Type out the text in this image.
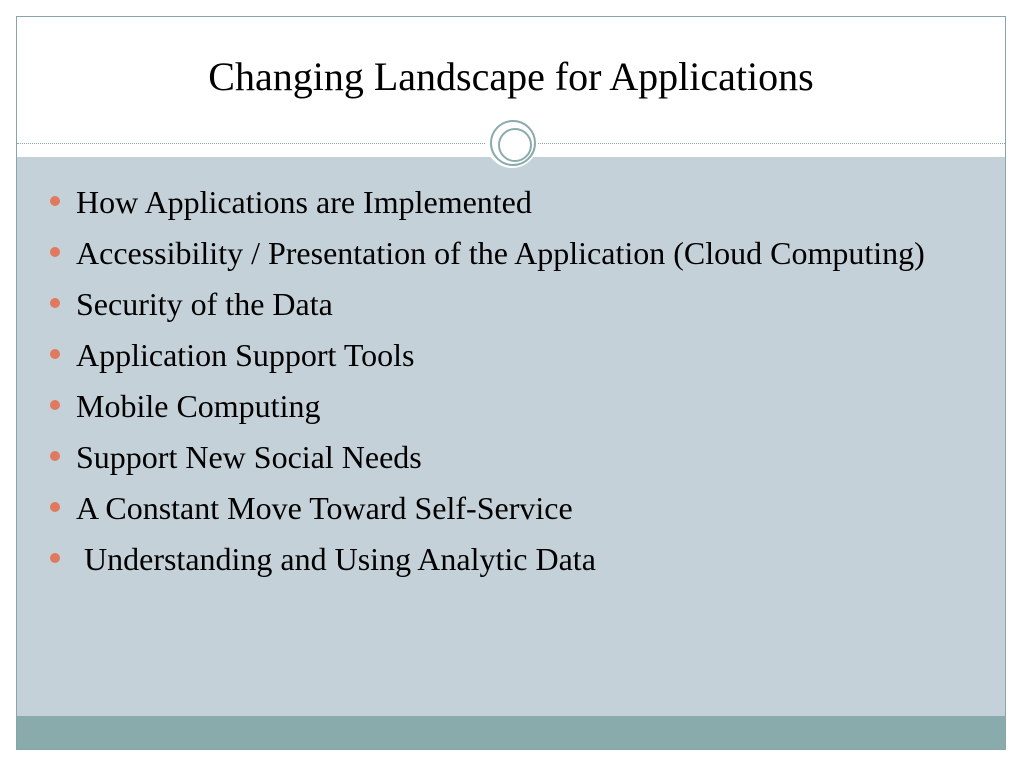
Changing Landscape for Applications
How Applications are Implemented
Accessibility / Presentation of the Application (Cloud Computing)
Security of the Data
Application Support Tools
Mobile Computing
Support New Social Needs
A Constant Move Toward Self-Service
Understanding and Using Analytic Data
